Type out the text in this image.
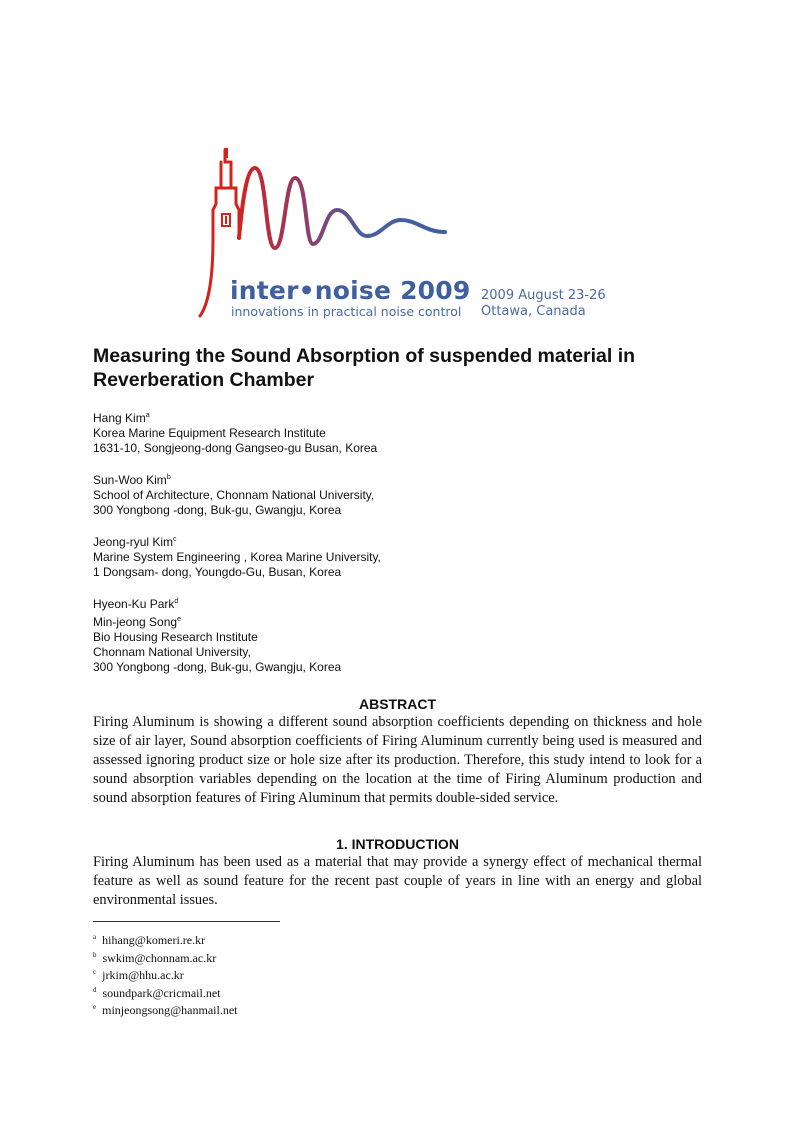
inter•noise 2009
innovations in practical noise control
2009 August 23-26
Ottawa, Canada
Measuring the Sound Absorption of suspended material in Reverberation Chamber
Hang Kim$^a$
Korea Marine Equipment Research Institute
1631-10, Songjeong-dong Gangseo-gu Busan, Korea
Sun-Woo Kim$^b$
School of Architecture, Chonnam National University,
300 Yongbong -dong, Buk-gu, Gwangju, Korea
Jeong-ryul Kim$^c$
Marine System Engineering , Korea Marine University,
1 Dongsam- dong, Youngdo-Gu, Busan, Korea
Hyeon-Ku Park$^d$
Min-jeong Song$^e$
Bio Housing Research Institute
Chonnam National University,
300 Yongbong -dong, Buk-gu, Gwangju, Korea
ABSTRACT

Firing Aluminum is showing a different sound absorption coefficients depending on thickness and hole size of air layer, Sound absorption coefficients of Firing Aluminum currently being used is measured and assessed ignoring product size or hole size after its production. Therefore, this study intend to look for a sound absorption variables depending on the location at the time of Firing Aluminum production and sound absorption features of Firing Aluminum that permits double-sided service.

1. INTRODUCTION

Firing Aluminum has been used as a material that may provide a synergy effect of mechanical thermal feature as well as sound feature for the recent past couple of years in line with an energy and global environmental issues.

$^a$ hihang@komeri.re.kr
$^b$ swkim@chonnam.ac.kr
$^c$ jrkim@hhu.ac.kr
$^d$ soundpark@cricmail.net
$^e$ minjeongsong@hanmail.net
